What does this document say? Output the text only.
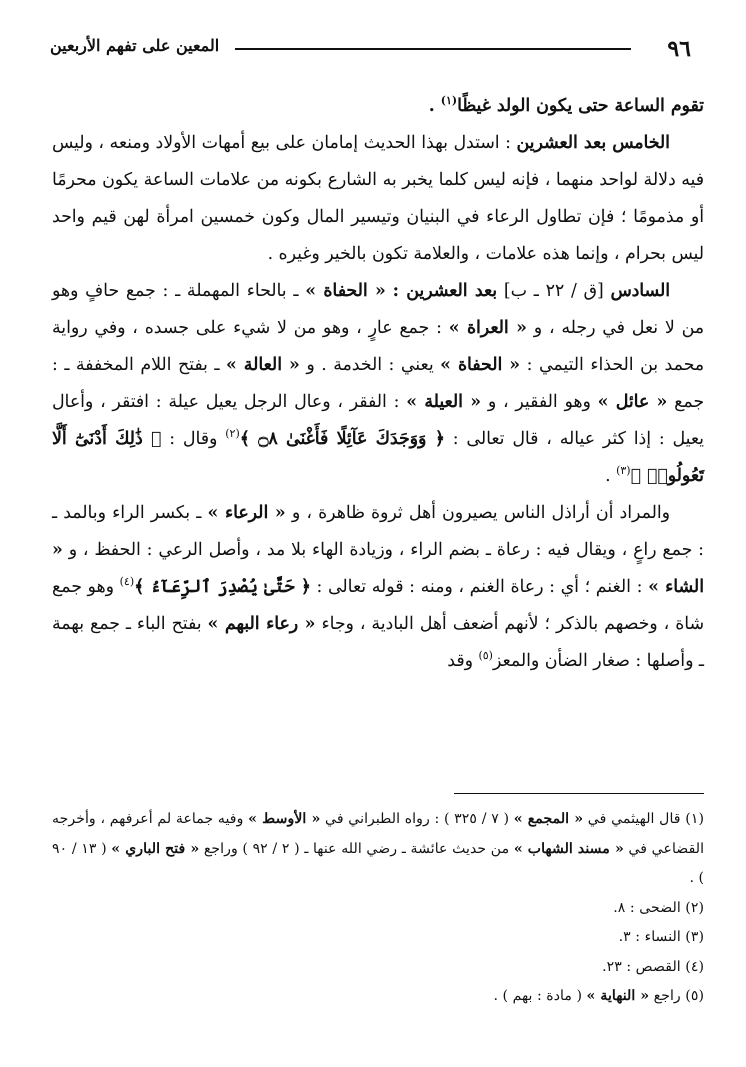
٩٦
المعين على تفهم الأربعين

تقوم الساعة حتى يكون الولد غيظًا$^{(١)}$ .

الخامس بعد العشرين : استدل بهذا الحديث إمامان على بيع أمهات الأولاد ومنعه ، وليس فيه دلالة لواحد منهما ، فإنه ليس كلما يخبر به الشارع بكونه من علامات الساعة يكون محرمًا أو مذمومًا ؛ فإن تطاول الرعاء في البنيان وتيسير المال وكون خمسين امرأة لهن قيم واحد ليس بحرام ، وإنما هذه علامات ، والعلامة تكون بالخير وغيره .

السادس [ق / ٢٢ ـ ب] بعد العشرين : « الحفاة » ـ بالحاء المهملة ـ : جمع حافٍ وهو من لا نعل في رجله ، و « العراة » : جمع عارٍ ، وهو من لا شيء على جسده ، وفي رواية محمد بن الحذاء التيمي : « الحفاة » يعني : الخدمة . و « العالة » ـ بفتح اللام المخففة ـ : جمع « عائل » وهو الفقير ، و « العيلة » : الفقر ، وعال الرجل يعيل عيلة : افتقر ، وأعال يعيل : إذا كثر عياله ، قال تعالى : ﴿ وَوَجَدَكَ عَآئِلًا فَأَغْنَىٰ ۝٨ ﴾$^{(٢)}$ وقال : ﴿ ذَٰلِكَ أَدْنَىٰٓ أَلَّا تَعُولُوا۟ ﴾$^{(٣)}$ .

والمراد أن أراذل الناس يصيرون أهل ثروة ظاهرة ، و « الرعاء » ـ بكسر الراء وبالمد ـ : جمع راعٍ ، ويقال فيه : رعاة ـ بضم الراء ، وزيادة الهاء بلا مد ، وأصل الرعي : الحفظ ، و « الشاء » : الغنم ؛ أي : رعاة الغنم ، ومنه : قوله تعالى : ﴿ حَتَّىٰ يُصْدِرَ ٱلرِّعَآءُ ﴾$^{(٤)}$ وهو جمع شاة ، وخصهم بالذكر ؛ لأنهم أضعف أهل البادية ، وجاء « رعاء البهم » بفتح الباء ـ جمع بهمة ـ وأصلها : صغار الضأن والمعز$^{(٥)}$ وقد

(١) قال الهيثمي في « المجمع » ( ٧ / ٣٢٥ ) : رواه الطبراني في « الأوسط » وفيه جماعة لم أعرفهم ، وأخرجه القضاعي في « مسند الشهاب » من حديث عائشة ـ رضي الله عنها ـ ( ٢ / ٩٢ ) وراجع « فتح الباري » ( ١٣ / ٩٠ ) .

(٢) الضحى : ٨.

(٣) النساء : ٣.

(٤) القصص : ٢٣.

(٥) راجع « النهاية » ( مادة : بهم ) .
